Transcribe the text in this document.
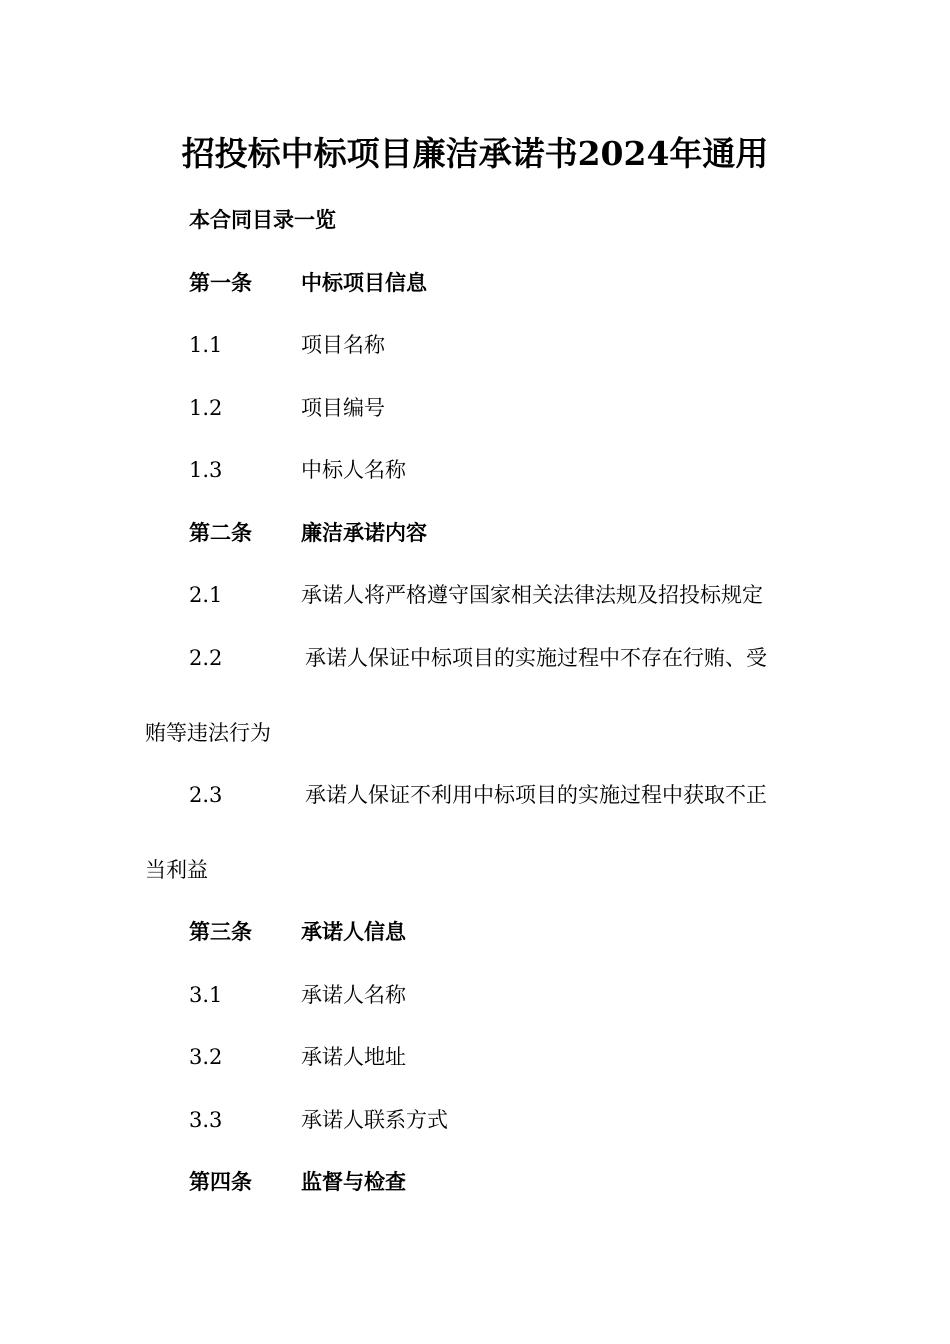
招投标中标项目廉洁承诺书2024年通用
本合同目录一览
第一条 中标项目信息
1.1	项目名称
1.2	项目编号
1.3	中标人名称
第二条 廉洁承诺内容
2.1	承诺人将严格遵守国家相关法律法规及招投标规定
2.2	承诺人保证中标项目的实施过程中不存在行贿、受
贿等违法行为
2.3	承诺人保证不利用中标项目的实施过程中获取不正
当利益
第三条 承诺人信息
3.1	承诺人名称
3.2	承诺人地址
3.3	承诺人联系方式
第四条 监督与检查
